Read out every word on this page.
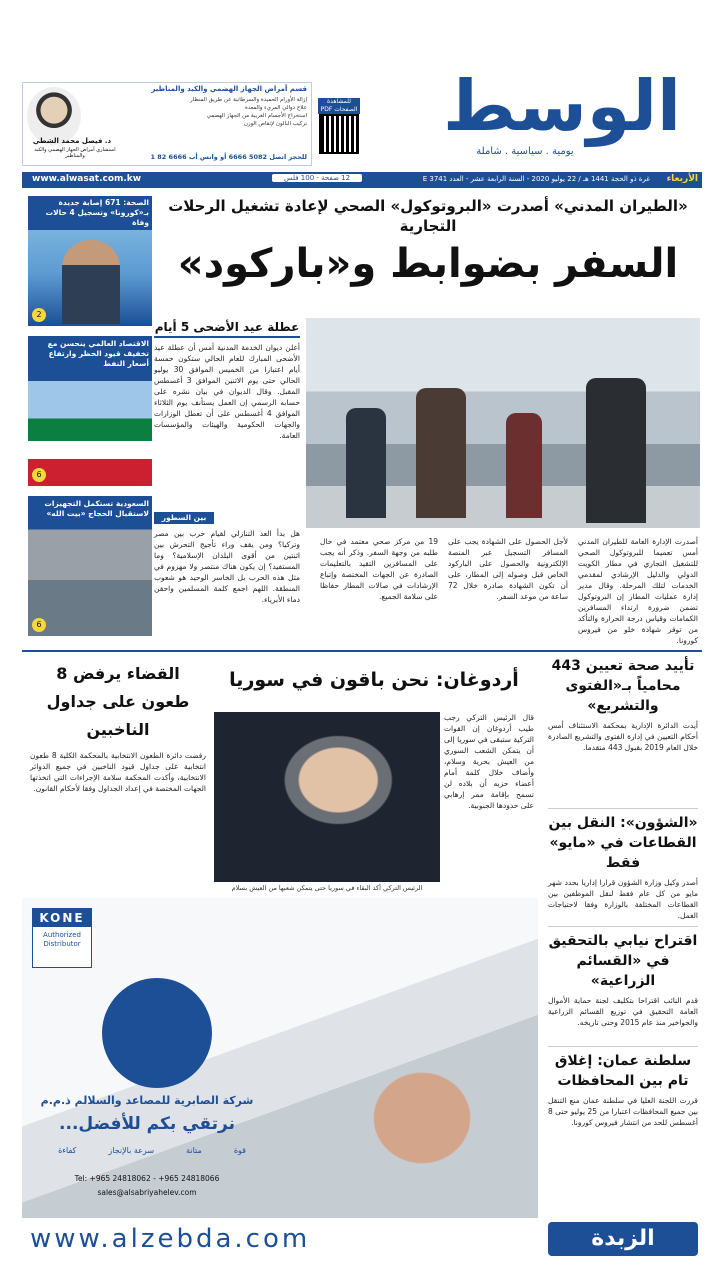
الوسط
يومية . سياسية . شاملة
للمشاهدة الصفحات PDF
قسم أمراض الجهاز الهضمي والكبد والمناظير
إزالة الأورام الحميدة والسرطانية عن طريق المنظار
علاج دوالي المريء والمعدة
استخراج الأجسام الغريبة من الجهاز الهضمي
تركيب البالون لإنقاص الوزن
د. فيصل محمد الشطي
استشاري أمراض الجهاز الهضمي والكبد والمناظير	للحجز اتصل 5082 6666 أو واتس أب 6666 82 1
الأربعاء
غرة ذو الحجة 1441 هـ / 22 يوليو 2020 - السنة الرابعة عشر - العدد 3741 E
12 صفحة - 100 فلس
www.alwasat.com.kw
الصحة: 671 إصابة جديدة بـ«كورونا» وتسجيل 4 حالات وفاة
2
الاقتصاد العالمي ينحسن مع تخفيف قيود الحظر وارتفاع أسعار النفط
6
السعودية تستكمل التجهيزات لاستقبال الحجاج «بيت الله»
6
«الطيران المدني» أصدرت «البروتوكول» الصحي لإعادة تشغيل الرحلات التجارية
السفر بضوابط و«باركود»
عطلة عيد الأضحى 5 أيام
أعلن ديوان الخدمة المدنية أمس أن عطلة عيد الأضحى المبارك للعام الحالي ستكون خمسة أيام اعتبارا من الخميس الموافق 30 يوليو الحالي حتى يوم الاثنين الموافق 3 أغسطس المقبل. وقال الديوان في بيان نشره على حسابه الرسمي إن العمل يستأنف يوم الثلاثاء الموافق 4 أغسطس على أن تعطل الوزارات والجهات الحكومية والهيئات والمؤسسات العامة.
بين السطور
هل بدأ العد التنازلي لقيام حرب بين مصر وتركيا؟ ومن يقف وراء تأجيج التحرش بين اثنتين من أقوى البلدان الإسلامية؟ وما المستفيد؟ إن يكون هناك منتصر ولا مهزوم في مثل هذه الحرب بل الخاسر الوحيد هو شعوب المنطقة. اللهم اجمع كلمة المسلمين واحقن دماء الأبرياء.
أصدرت الإدارة العامة للطيران المدني أمس تعميما للبروتوكول الصحي للتشغيل التجاري في مطار الكويت الدولي والدليل الإرشادي لمقدمي الخدمات لتلك المرحلة. وقال مدير إدارة عمليات المطار إن البروتوكول تضمن ضرورة ارتداء المسافرين الكمامات وقياس درجة الحرارة والتأكد من توفر شهادة خلو من فيروس كورونا.
لأجل الحصول على الشهادة يجب على المسافر التسجيل عبر المنصة الإلكترونية والحصول على الباركود الخاص قبل وصوله إلى المطار، على أن تكون الشهادة صادرة خلال 72 ساعة من موعد السفر.
19 من مركز صحي معتمد في حال طلبه من وجهة السفر. وذكر أنه يجب على المسافرين التقيد بالتعليمات الصادرة عن الجهات المختصة وإتباع الإرشادات في صالات المطار حفاظا على سلامة الجميع.
تأييد صحة تعيين 443 محامياً بـ«الفتوى والتشريع»
أيدت الدائرة الإدارية بمحكمة الاستئناف أمس أحكام التعيين في إدارة الفتوى والتشريع الصادرة خلال العام 2019 بقبول 443 متقدما.
«الشؤون»: النقل بين القطاعات في «مايو» فقط
أصدر وكيل وزارة الشؤون قرارا إداريا بحدد شهر مايو من كل عام فقط لنقل الموظفين بين القطاعات المختلفة بالوزارة وفقا لاحتياجات العمل.
اقتراح نيابي بالتحقيق في «القسائم الزراعية»
قدم النائب اقتراحا بتكليف لجنة حماية الأموال العامة التحقيق في توزيع القسائم الزراعية والجواخير منذ عام 2015 وحتى تاريخه.
سلطنة عمان: إغلاق تام بين المحافظات
قررت اللجنة العليا في سلطنة عمان منع التنقل بين جميع المحافظات اعتبارا من 25 يوليو حتى 8 أغسطس للحد من انتشار فيروس كورونا.
أردوغان: نحن باقون في سوريا
قال الرئيس التركي رجب طيب أردوغان إن القوات التركية ستبقى في سوريا إلى أن يتمكن الشعب السوري من العيش بحرية وسلام، وأضاف خلال كلمة أمام أعضاء حزبه أن بلاده لن تسمح بإقامة ممر إرهابي على حدودها الجنوبية.
الرئيس التركي أكد البقاء في سوريا حتى يتمكن شعبها من العيش بسلام
القضاء يرفض 8 طعون على جداول الناخبين
رفضت دائرة الطعون الانتخابية بالمحكمة الكلية 8 طعون انتخابية على جداول قيود الناخبين في جميع الدوائر الانتخابية، وأكدت المحكمة سلامة الإجراءات التي اتخذتها الجهات المختصة في إعداد الجداول وفقا لأحكام القانون.
KONE
Authorized Distributor
شركة الصابرية للمصاعد والسلالم ذ.م.م
نرتقي بكم للأفضل...
قوة
متانة
سرعة بالإنجاز
كفاءة
Tel: +965 24818062 - +965 24818066
sales@alsabriyahelev.com
www.alzebda.com	الزبدة
